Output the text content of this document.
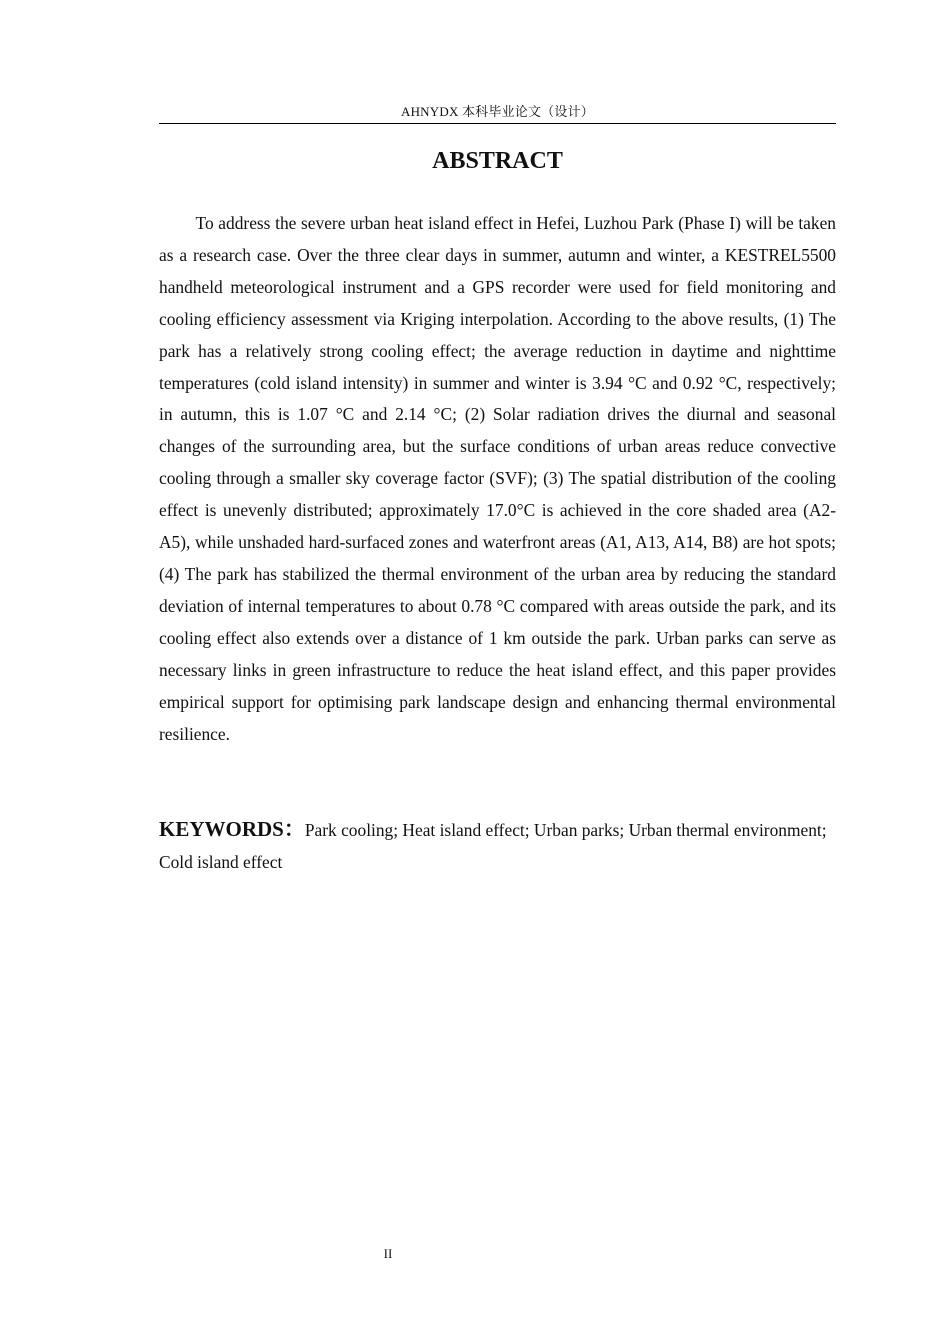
AHNYDX 本科毕业论文（设计）
ABSTRACT

To address the severe urban heat island effect in Hefei, Luzhou Park (Phase I) will be taken as a research case. Over the three clear days in summer, autumn and winter, a KESTREL5500 handheld meteorological instrument and a GPS recorder were used for field monitoring and cooling efficiency assessment via Kriging interpolation. According to the above results, (1) The park has a relatively strong cooling effect; the average reduction in daytime and nighttime temperatures (cold island intensity) in summer and winter is 3.94 °C and 0.92 °C, respectively; in autumn, this is 1.07 °C and 2.14 °C; (2) Solar radiation drives the diurnal and seasonal changes of the surrounding area, but the surface conditions of urban areas reduce convective cooling through a smaller sky coverage factor (SVF); (3) The spatial distribution of the cooling effect is unevenly distributed; approximately 17.0°C is achieved in the core shaded area (A2-A5), while unshaded hard-surfaced zones and waterfront areas (A1, A13, A14, B8) are hot spots; (4) The park has stabilized the thermal environment of the urban area by reducing the standard deviation of internal temperatures to about 0.78 °C compared with areas outside the park, and its cooling effect also extends over a distance of 1 km outside the park. Urban parks can serve as necessary links in green infrastructure to reduce the heat island effect, and this paper provides empirical support for optimising park landscape design and enhancing thermal environmental resilience.

KEYWORDS：Park cooling; Heat island effect; Urban parks; Urban thermal environment; Cold island effect

II
